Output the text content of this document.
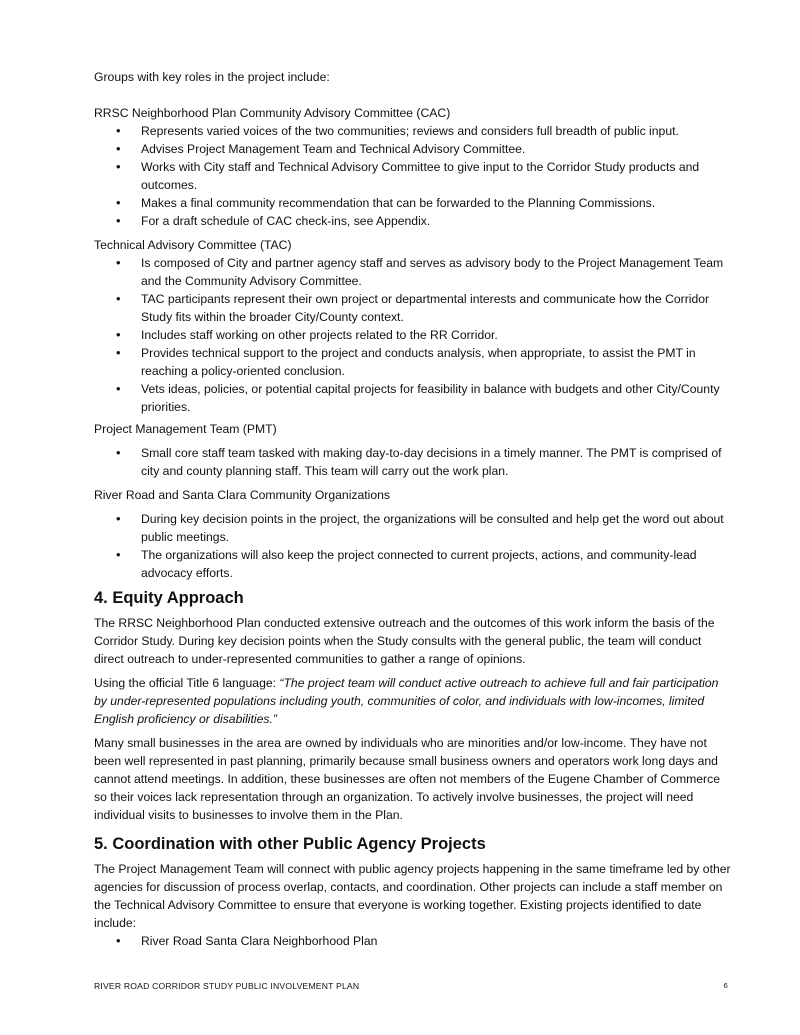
Groups with key roles in the project include:

RRSC Neighborhood Plan Community Advisory Committee (CAC)

• Represents varied voices of the two communities; reviews and considers full breadth of public input.
• Advises Project Management Team and Technical Advisory Committee.
• Works with City staff and Technical Advisory Committee to give input to the Corridor Study products and outcomes.
• Makes a final community recommendation that can be forwarded to the Planning Commissions.
• For a draft schedule of CAC check-ins, see Appendix.

Technical Advisory Committee (TAC)

• Is composed of City and partner agency staff and serves as advisory body to the Project Management Team and the Community Advisory Committee.
• TAC participants represent their own project or departmental interests and communicate how the Corridor Study fits within the broader City/County context.
• Includes staff working on other projects related to the RR Corridor.
• Provides technical support to the project and conducts analysis, when appropriate, to assist the PMT in reaching a policy-oriented conclusion.
• Vets ideas, policies, or potential capital projects for feasibility in balance with budgets and other City/County priorities.

Project Management Team (PMT)

• Small core staff team tasked with making day-to-day decisions in a timely manner. The PMT is comprised of city and county planning staff. This team will carry out the work plan.

River Road and Santa Clara Community Organizations

• During key decision points in the project, the organizations will be consulted and help get the word out about public meetings.
• The organizations will also keep the project connected to current projects, actions, and community-lead advocacy efforts.
4. Equity Approach

The RRSC Neighborhood Plan conducted extensive outreach and the outcomes of this work inform the basis of the Corridor Study. During key decision points when the Study consults with the general public, the team will conduct direct outreach to under-represented communities to gather a range of opinions.

Using the official Title 6 language: “The project team will conduct active outreach to achieve full and fair participation by under-represented populations including youth, communities of color, and individuals with low-incomes, limited English proficiency or disabilities.”

Many small businesses in the area are owned by individuals who are minorities and/or low-income. They have not been well represented in past planning, primarily because small business owners and operators work long days and cannot attend meetings. In addition, these businesses are often not members of the Eugene Chamber of Commerce so their voices lack representation through an organization. To actively involve businesses, the project will need individual visits to businesses to involve them in the Plan.

5. Coordination with other Public Agency Projects

The Project Management Team will connect with public agency projects happening in the same timeframe led by other agencies for discussion of process overlap, contacts, and coordination. Other projects can include a staff member on the Technical Advisory Committee to ensure that everyone is working together. Existing projects identified to date include:

• River Road Santa Clara Neighborhood Plan
RIVER ROAD CORRIDOR STUDY PUBLIC INVOLVEMENT PLAN	6
